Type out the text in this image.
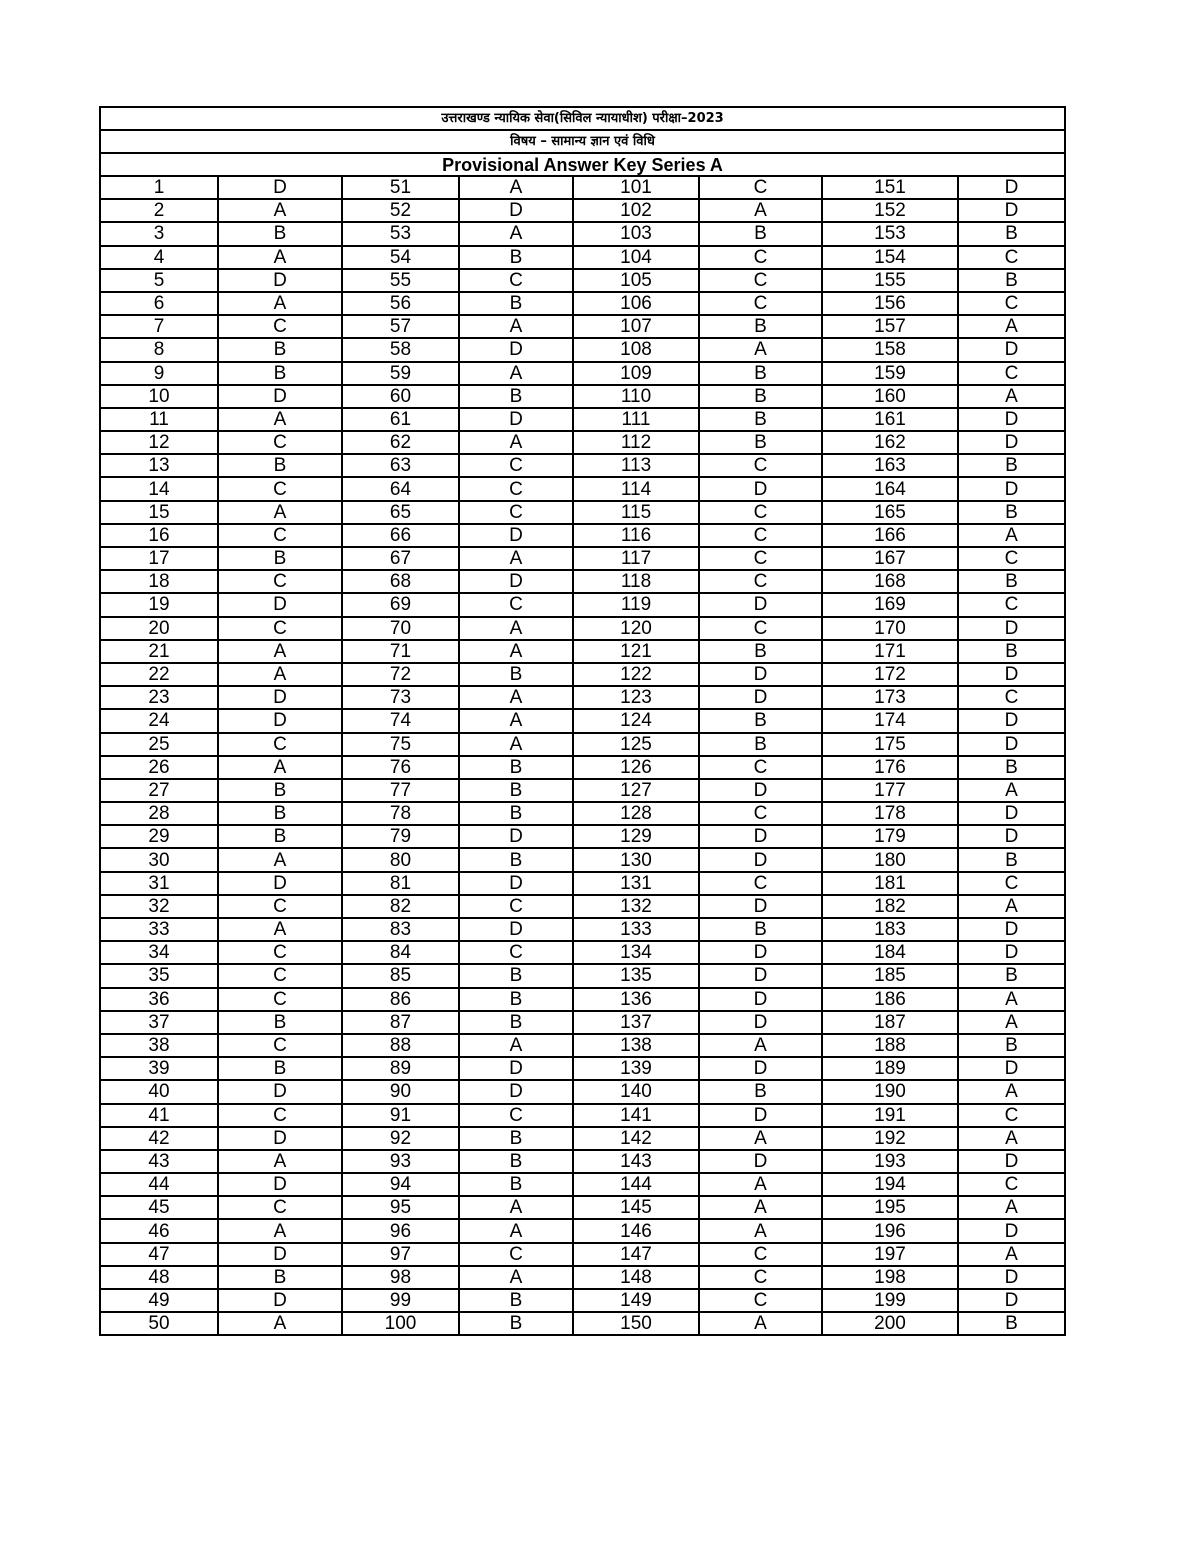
उत्तराखण्ड न्यायिक सेवा(सिविल न्यायाधीश) परीक्षा–2023							
विषय – सामान्य ज्ञान एवं विधि							
Provisional Answer Key Series A							
1	D	51	A	101	C	151	D
2	A	52	D	102	A	152	D
3	B	53	A	103	B	153	B
4	A	54	B	104	C	154	C
5	D	55	C	105	C	155	B
6	A	56	B	106	C	156	C
7	C	57	A	107	B	157	A
8	B	58	D	108	A	158	D
9	B	59	A	109	B	159	C
10	D	60	B	110	B	160	A
11	A	61	D	111	B	161	D
12	C	62	A	112	B	162	D
13	B	63	C	113	C	163	B
14	C	64	C	114	D	164	D
15	A	65	C	115	C	165	B
16	C	66	D	116	C	166	A
17	B	67	A	117	C	167	C
18	C	68	D	118	C	168	B
19	D	69	C	119	D	169	C
20	C	70	A	120	C	170	D
21	A	71	A	121	B	171	B
22	A	72	B	122	D	172	D
23	D	73	A	123	D	173	C
24	D	74	A	124	B	174	D
25	C	75	A	125	B	175	D
26	A	76	B	126	C	176	B
27	B	77	B	127	D	177	A
28	B	78	B	128	C	178	D
29	B	79	D	129	D	179	D
30	A	80	B	130	D	180	B
31	D	81	D	131	C	181	C
32	C	82	C	132	D	182	A
33	A	83	D	133	B	183	D
34	C	84	C	134	D	184	D
35	C	85	B	135	D	185	B
36	C	86	B	136	D	186	A
37	B	87	B	137	D	187	A
38	C	88	A	138	A	188	B
39	B	89	D	139	D	189	D
40	D	90	D	140	B	190	A
41	C	91	C	141	D	191	C
42	D	92	B	142	A	192	A
43	A	93	B	143	D	193	D
44	D	94	B	144	A	194	C
45	C	95	A	145	A	195	A
46	A	96	A	146	A	196	D
47	D	97	C	147	C	197	A
48	B	98	A	148	C	198	D
49	D	99	B	149	C	199	D
50	A	100	B	150	A	200	B
